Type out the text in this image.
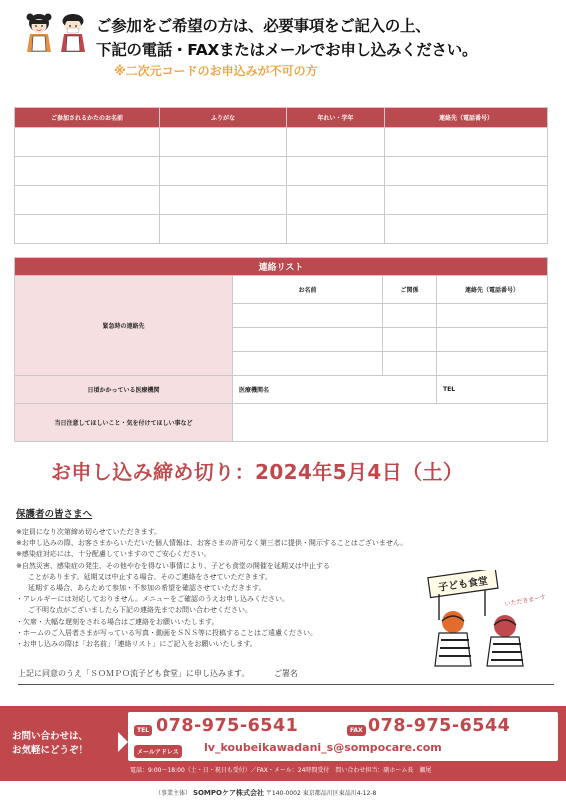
ご参加をご希望の方は、必要事項をご記入の上、
下記の電話・FAXまたはメールでお申し込みください。
※二次元コードのお申込みが不可の方
ご参加されるかたのお名前	ふりがな	年れい・学年	連絡先（電話番号）

連絡リスト			
緊急時の連絡先	お名前	ご関係	連絡先（電話番号）

日頃かかっている医療機関	医療機関名		TEL
当日注意してほしいこと・気を付けてほしい事など			
お申し込み締め切り：2024年5月4日（土）
保護者の皆さまへ
※定員になり次第締め切らせていただきます。
※お申し込みの際、お客さまからいただいた個人情報は、お客さまの許可なく第三者に提供・開示することはございません。
※感染症対応には、十分配慮していますのでご安心ください。
※自然災害、感染症の発生、その他やむを得ない事情により、子ども食堂の開催を延期又は中止する
ことがあります。延期又は中止する場合、そのご連絡をさせていただきます。
延期する場合、あらためて参加・不参加の希望を確認させていただきます。
・アレルギーには対応しておりません。メニューをご確認のうえお申し込みください。
ご不明な点がございましたら下記の連絡先までお問い合わせください。
・欠席・大幅な遅刻をされる場合はご連絡をお願いいたします。
・ホームのご入居者さまが写っている写真・動画をＳＮＳ等に投稿することはご遠慮ください。
・お申し込みの際は「お名前」「連絡リスト」にご記入をお願いいたします。
子ども食堂
いただきまーす
上記に同意のうえ「ＳＯＭＰＯ流子ども食堂」に申し込みます。	ご署名
お問い合わせは、
お気軽にどうぞ！
TEL 078-975-6541	FAX 078-975-6544
メールアドレス lv_koubeikawadani_s@sompocare.com
電話：9:00～18:00（土・日・祝日も受付）／FAX・メール：24時間受付　問い合わせ担当：副ホーム長　瀬尾
（事業主体） SOMPOケア株式会社 〒140-0002 東京都品川区東品川4-12-8
